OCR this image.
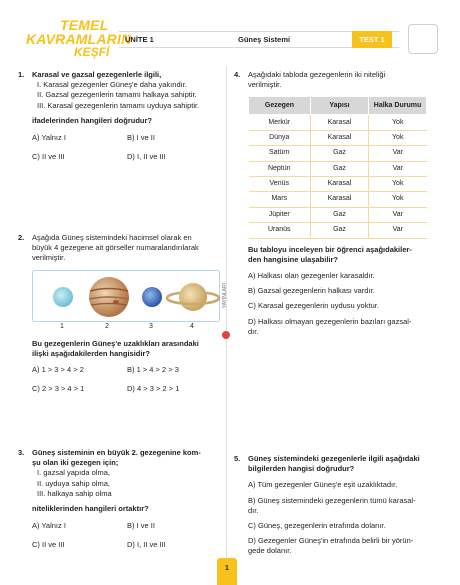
TEMEL
KAVRAMLARIN
KEŞFİ
ÜNİTE 1	Güneş Sistemi	TEST 1
YAYINLARI
1. Karasal ve gazsal gezegenlerle ilgili,
I. Karasal gezegenler Güneş'e daha yakındır.
II. Gazsal gezegenlerin tamamı halkaya sahiptir.
III. Karasal gezegenlerin tamamı uyduya sahiptir.
ifadelerinden hangileri doğrudur?
A) Yalnız I	B) I ve II
C) II ve III	D) I, II ve III
2. Aşağıda Güneş sistemindeki hacimsel olarak en
büyük 4 gezegene ait görseller numaralandırılarak
verilmiştir.
1	2	3	4
Bu gezegenlerin Güneş'e uzaklıkları arasındaki
ilişki aşağıdakilerden hangisidir?
A) 1 > 3 > 4 > 2	B) 1 > 4 > 2 > 3
C) 2 > 3 > 4 > 1	D) 4 > 3 > 2 > 1
3. Güneş sisteminin en büyük 2. gezegenine kom-
şu olan iki gezegen için;
I. gazsal yapıda olma,
II. uyduya sahip olma,
III. halkaya sahip olma
niteliklerinden hangileri ortaktır?
A) Yalnız I	B) I ve II
C) II ve III	D) I, II ve III
4. Aşağıdaki tabloda gezegenlerin iki niteliği
verilmiştir.
Gezegen	Yapısı	Halka Durumu
Merkür	Karasal	Yok
Dünya	Karasal	Yok
Satürn	Gaz	Var
Neptün	Gaz	Var
Venüs	Karasal	Yok
Mars	Karasal	Yok
Jüpiter	Gaz	Var
Uranüs	Gaz	Var
Bu tabloyu inceleyen bir öğrenci aşağıdakiler-
den hangisine ulaşabilir?
A) Halkası olan gezegenler karasaldır.
B) Gazsal gezegenlerin halkası vardır.
C) Karasal gezegenlerin uydusu yoktur.
D) Halkası olmayan gezegenlerin bazıları gazsal-
dır.
5. Güneş sistemindeki gezegenlerle ilgili aşağıdaki
bilgilerden hangisi doğrudur?
A) Tüm gezegenler Güneş'e eşit uzaklıktadır.
B) Güneş sistemindeki gezegenlerin tümü karasal-
dır.
C) Güneş, gezegenlerin etrafında dolanır.
D) Gezegenler Güneş'in etrafında belirli bir yörün-
gede dolanır.
1
